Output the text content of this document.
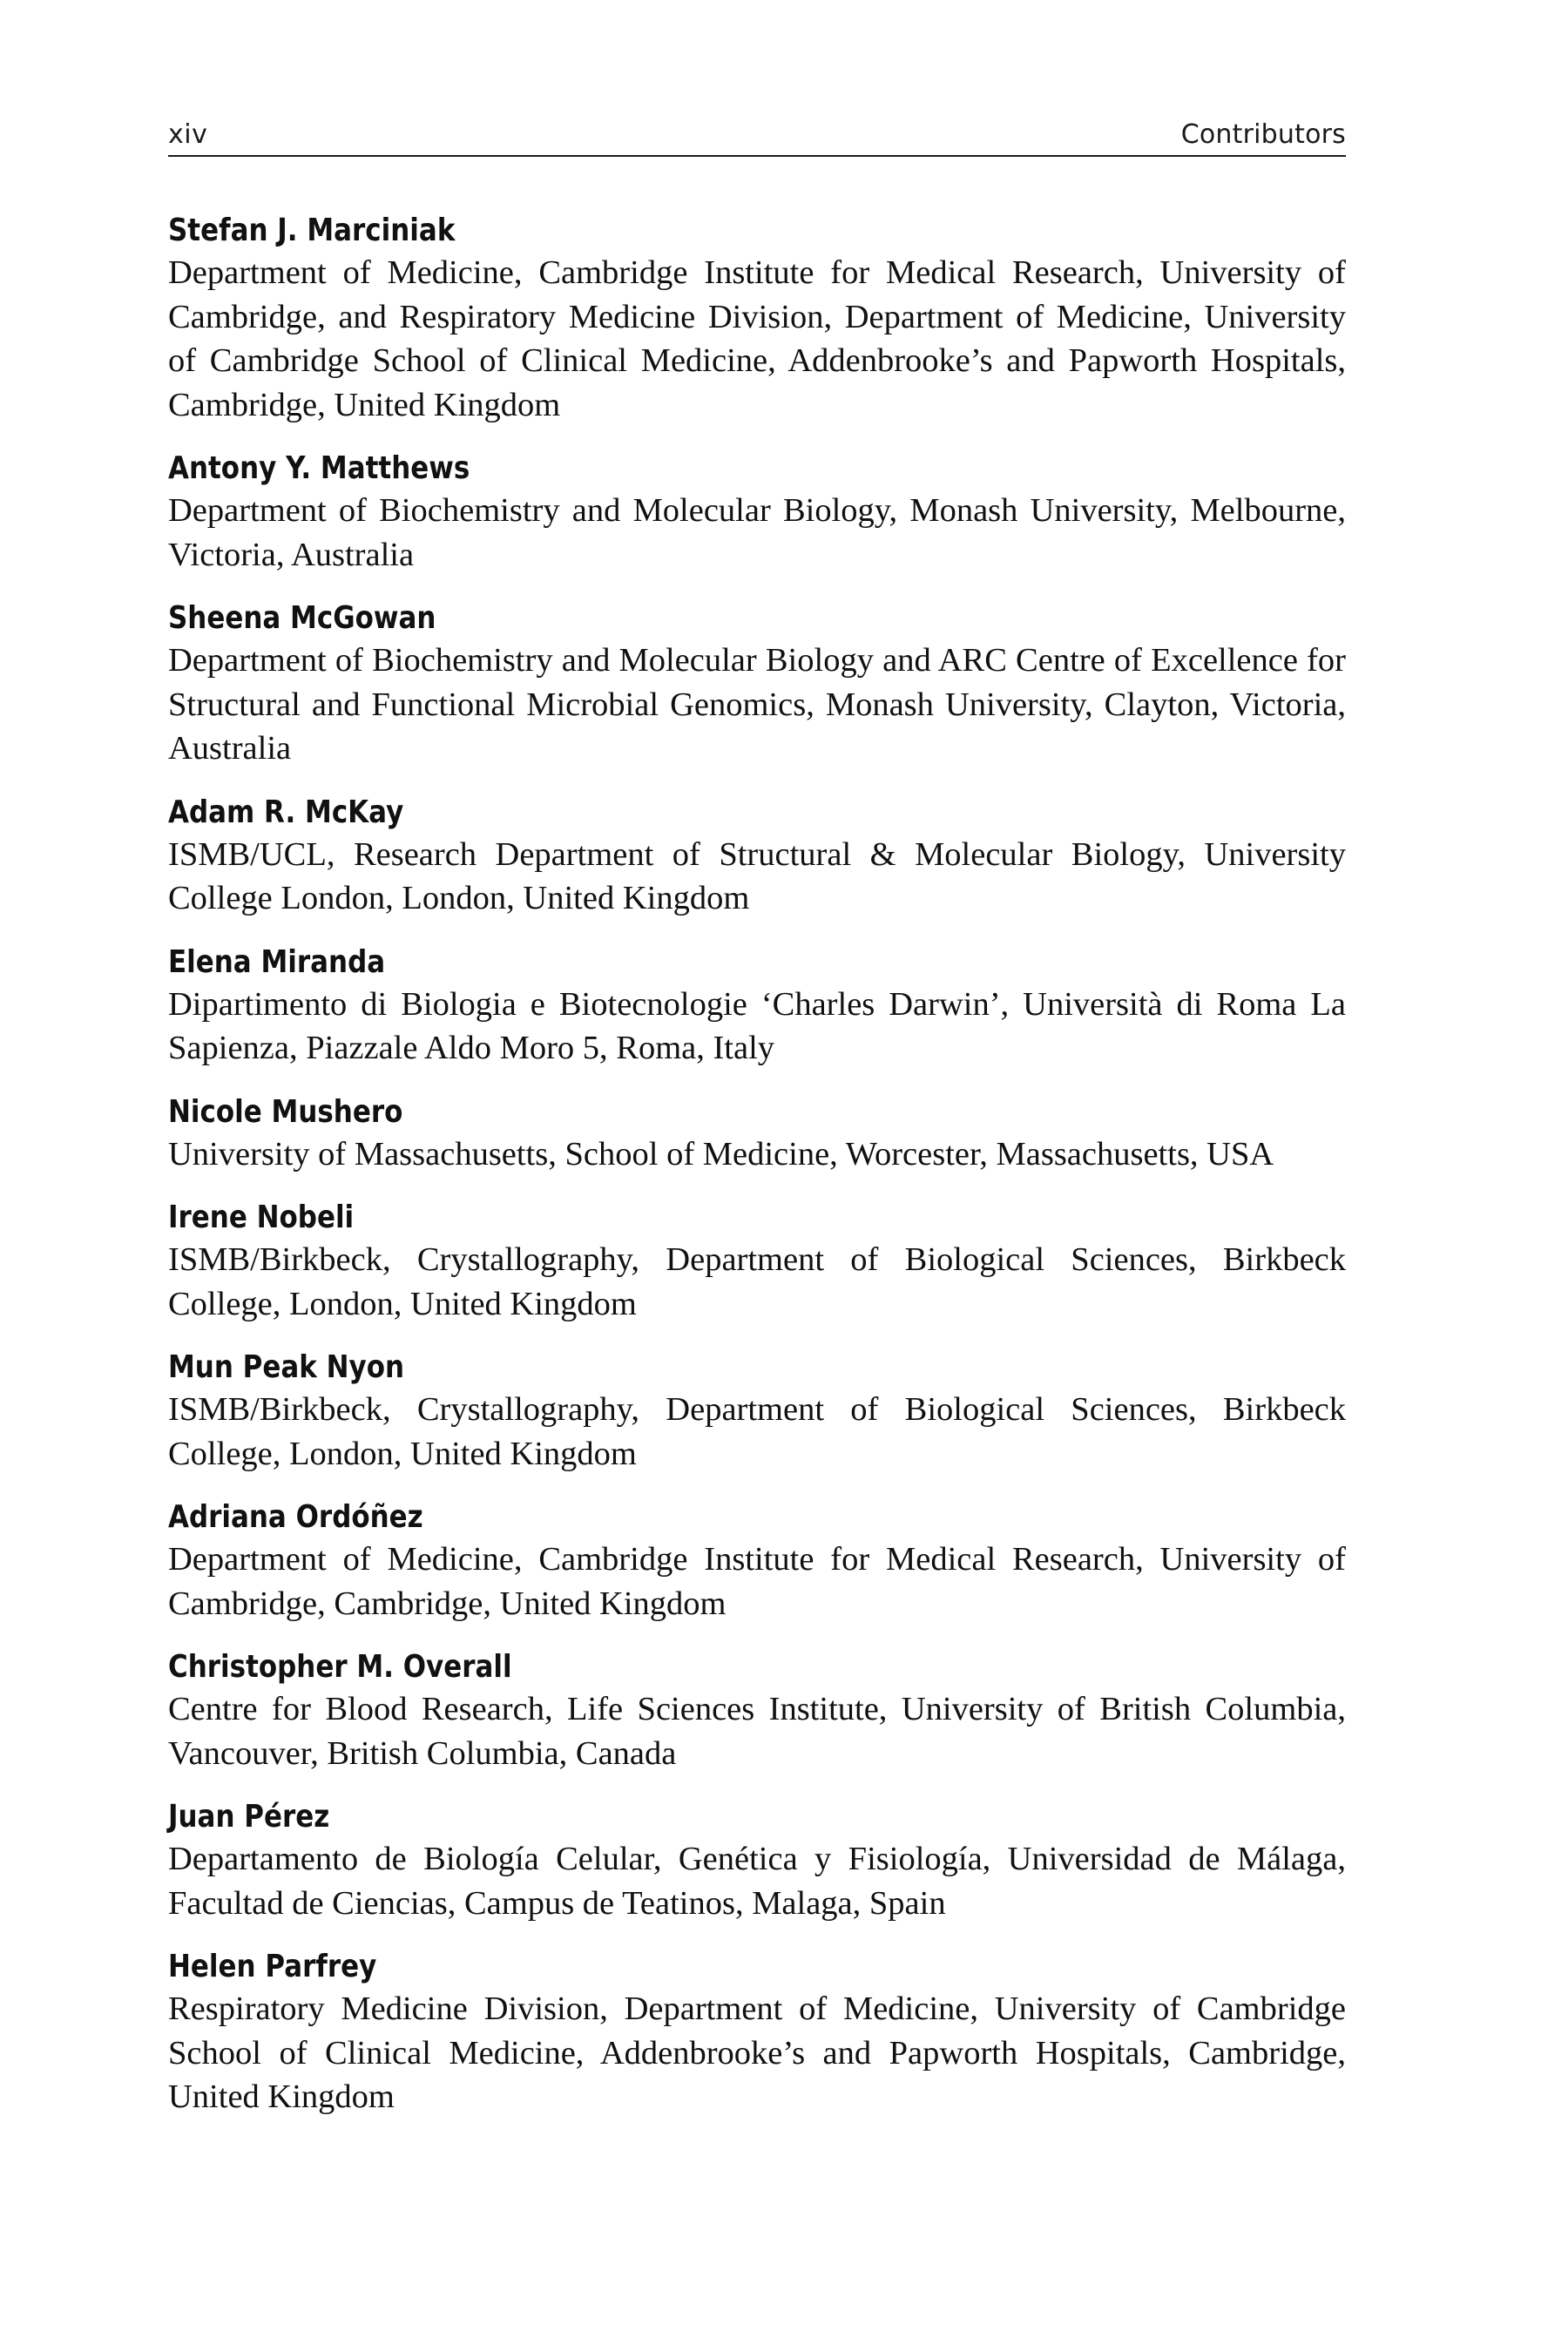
xiv	Contributors
Stefan J. Marciniak
Department of Medicine, Cambridge Institute for Medical Research, University of Cambridge, and Respiratory Medicine Division, Department of Medicine, University of Cambridge School of Clinical Medicine, Addenbrooke’s and Papworth Hospitals, Cambridge, United Kingdom
Antony Y. Matthews
Department of Biochemistry and Molecular Biology, Monash University, Melbourne, Victoria, Australia
Sheena McGowan
Department of Biochemistry and Molecular Biology and ARC Centre of Excellence for Structural and Functional Microbial Genomics, Monash University, Clayton, Victoria, Australia
Adam R. McKay
ISMB/UCL, Research Department of Structural & Molecular Biology, University College London, London, United Kingdom
Elena Miranda
Dipartimento di Biologia e Biotecnologie ‘Charles Darwin’, Università di Roma La Sapienza, Piazzale Aldo Moro 5, Roma, Italy
Nicole Mushero
University of Massachusetts, School of Medicine, Worcester, Massachusetts, USA
Irene Nobeli
ISMB/Birkbeck, Crystallography, Department of Biological Sciences, Birkbeck College, London, United Kingdom
Mun Peak Nyon
ISMB/Birkbeck, Crystallography, Department of Biological Sciences, Birkbeck College, London, United Kingdom
Adriana Ordóñez
Department of Medicine, Cambridge Institute for Medical Research, University of Cambridge, Cambridge, United Kingdom
Christopher M. Overall
Centre for Blood Research, Life Sciences Institute, University of British Columbia, Vancouver, British Columbia, Canada
Juan Pérez
Departamento de Biología Celular, Genética y Fisiología, Universidad de Málaga, Facultad de Ciencias, Campus de Teatinos, Malaga, Spain
Helen Parfrey
Respiratory Medicine Division, Department of Medicine, University of Cambridge School of Clinical Medicine, Addenbrooke’s and Papworth Hospitals, Cambridge, United Kingdom
